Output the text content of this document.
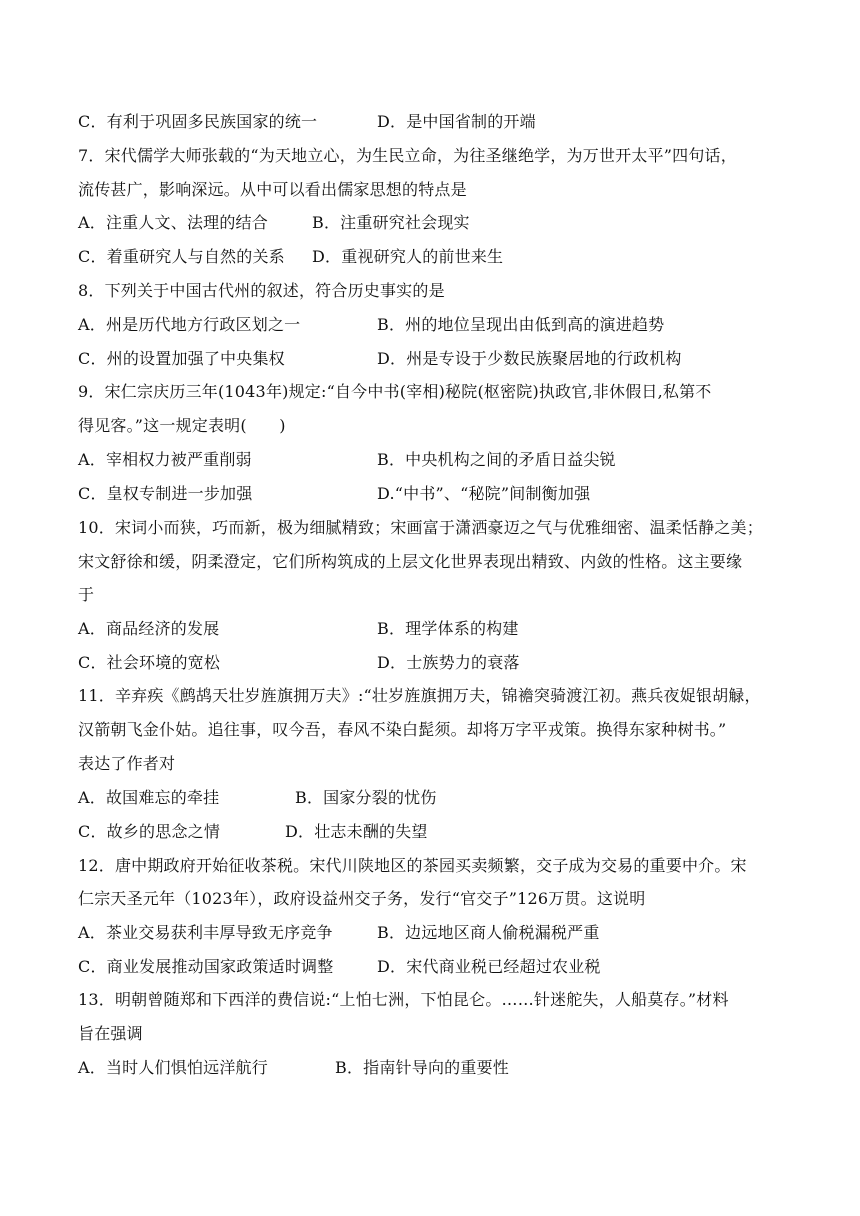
C．有利于巩固多民族国家的统一	D．是中国省制的开端
7．宋代儒学大师张载的“为天地立心，为生民立命，为往圣继绝学，为万世开太平”四句话，
流传甚广，影响深远。从中可以看出儒家思想的特点是
A．注重人文、法理的结合	B．注重研究社会现实
C．着重研究人与自然的关系 D．重视研究人的前世来生
8．下列关于中国古代州的叙述，符合历史事实的是
A．州是历代地方行政区划之一	B．州的地位呈现出由低到高的演进趋势
C．州的设置加强了中央集权	D．州是专设于少数民族聚居地的行政机构
9．宋仁宗庆历三年(1043年)规定:“自今中书(宰相)秘院(枢密院)执政官,非休假日,私第不
得见客。”这一规定表明(　　)
A．宰相权力被严重削弱	B．中央机构之间的矛盾日益尖锐
C．皇权专制进一步加强	D.“中书”、“秘院”间制衡加强
10．宋词小而狭，巧而新，极为细腻精致；宋画富于潇洒豪迈之气与优雅细密、温柔恬静之美；
宋文舒徐和缓，阴柔澄定，它们所构筑成的上层文化世界表现出精致、内敛的性格。这主要缘
于
A．商品经济的发展	B．理学体系的构建
C．社会环境的宽松	D．士族势力的衰落
11．辛弃疾《鹧鸪天壮岁旌旗拥万夫》:“壮岁旌旗拥万夫，锦襜突骑渡江初。燕兵夜娖银胡觮，
汉箭朝飞金仆姑。追往事，叹今吾，春风不染白髭须。却将万字平戎策。换得东家种树书。”
表达了作者对
A．故国难忘的牵挂	B．国家分裂的忧伤
C．故乡的思念之情	D．壮志未酬的失望
12．唐中期政府开始征收茶税。宋代川陕地区的茶园买卖频繁，交子成为交易的重要中介。宋
仁宗天圣元年（1023年），政府设益州交子务，发行“官交子”126万贯。这说明
A．茶业交易获利丰厚导致无序竞争	B．边远地区商人偷税漏税严重
C．商业发展推动国家政策适时调整	D．宋代商业税已经超过农业税
13．明朝曾随郑和下西洋的费信说:“上怕七洲，下怕昆仑。……针迷舵失，人船莫存。”材料
旨在强调
A．当时人们惧怕远洋航行	B．指南针导向的重要性
